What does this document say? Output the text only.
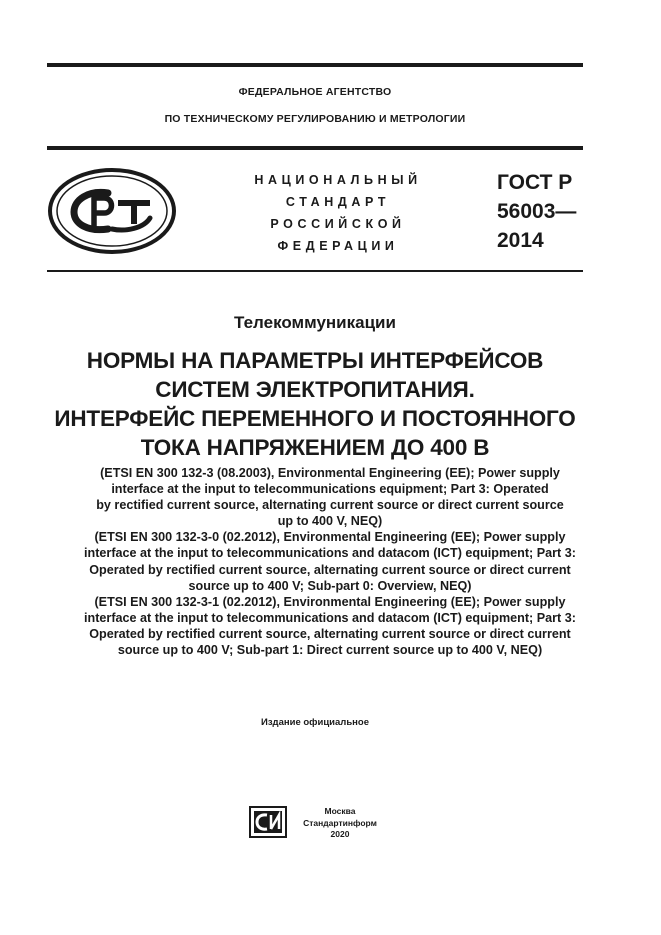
ФЕДЕРАЛЬНОЕ АГЕНТСТВО
ПО ТЕХНИЧЕСКОМУ РЕГУЛИРОВАНИЮ И МЕТРОЛОГИИ
НАЦИОНАЛЬНЫЙ
СТАНДАРТ
РОССИЙСКОЙ
ФЕДЕРАЦИИ
ГОСТ Р
56003—
2014
Телекоммуникации
НОРМЫ НА ПАРАМЕТРЫ ИНТЕРФЕЙСОВ
СИСТЕМ ЭЛЕКТРОПИТАНИЯ.
ИНТЕРФЕЙС ПЕРЕМЕННОГО И ПОСТОЯННОГО
ТОКА НАПРЯЖЕНИЕМ ДО 400 В
(ETSI EN 300 132-3 (08.2003), Environmental Engineering (EE); Power supply
interface at the input to telecommunications equipment; Part 3: Operated
by rectified current source, alternating current source or direct current source
up to 400 V, NEQ)
(ETSI EN 300 132-3-0 (02.2012), Environmental Engineering (EE); Power supply
interface at the input to telecommunications and datacom (ICT) equipment; Part 3:
Operated by rectified current source, alternating current source or direct current
source up to 400 V; Sub-part 0: Overview, NEQ)
(ETSI EN 300 132-3-1 (02.2012), Environmental Engineering (EE); Power supply
interface at the input to telecommunications and datacom (ICT) equipment; Part 3:
Operated by rectified current source, alternating current source or direct current
source up to 400 V; Sub-part 1: Direct current source up to 400 V, NEQ)
Издание официальное
Москва
Стандартинформ
2020
